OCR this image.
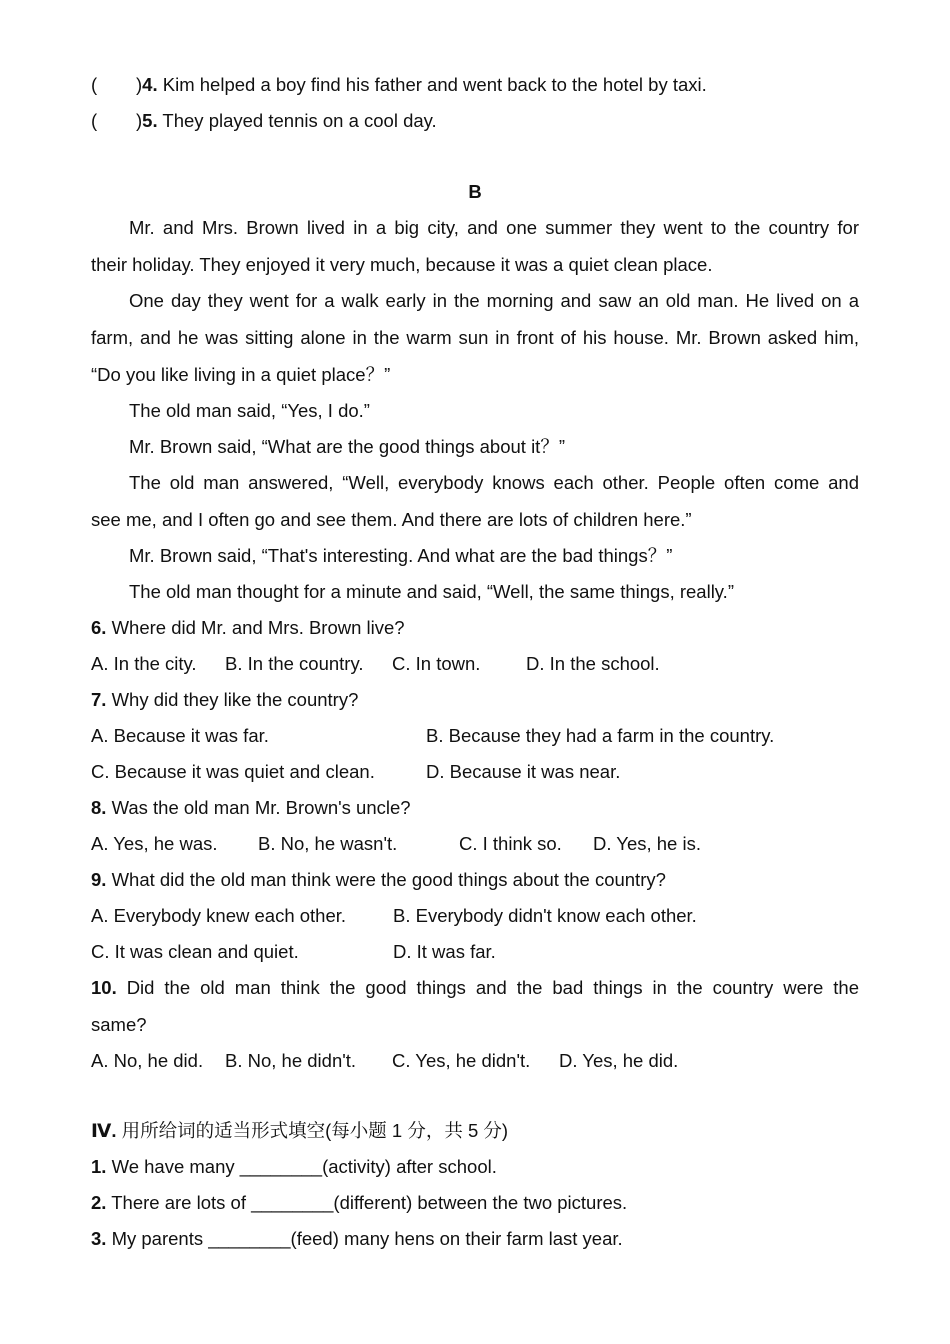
( )4. Kim helped a boy find his father and went back to the hotel by taxi.
( )5. They played tennis on a cool day.
B
Mr. and Mrs. Brown lived in a big city, and one summer they went to the country for
their holiday. They enjoyed it very much, because it was a quiet clean place.
One day they went for a walk early in the morning and saw an old man. He lived on a
farm, and he was sitting alone in the warm sun in front of his house. Mr. Brown asked him,
“Do you like living in a quiet place？”
The old man said, “Yes, I do.”
Mr. Brown said, “What are the good things about it？”
The old man answered, “Well, everybody knows each other. People often come and
see me, and I often go and see them. And there are lots of children here.”
Mr. Brown said, “That's interesting. And what are the bad things？”
The old man thought for a minute and said, “Well, the same things, really.”
6. Where did Mr. and Mrs. Brown live?
A. In the city. B. In the country. C. In town. D. In the school.
7. Why did they like the country?
A. Because it was far.	B. Because they had a farm in the country.
C. Because it was quiet and clean.	D. Because it was near.
8. Was the old man Mr. Brown's uncle?
A. Yes, he was. B. No, he wasn't.	C. I think so. D. Yes, he is.
9. What did the old man think were the good things about the country?
A. Everybody knew each other.	B. Everybody didn't know each other.
C. It was clean and quiet.	D. It was far.
10. Did the old man think the good things and the bad things in the country were the
same?
A. No, he did. B. No, he didn't. C. Yes, he didn't. D. Yes, he did.
Ⅳ. 用所给词的适当形式填空(每小题 1 分，共 5 分)
1. We have many ________(activity) after school.
2. There are lots of ________(different) between the two pictures.
3. My parents ________(feed) many hens on their farm last year.
